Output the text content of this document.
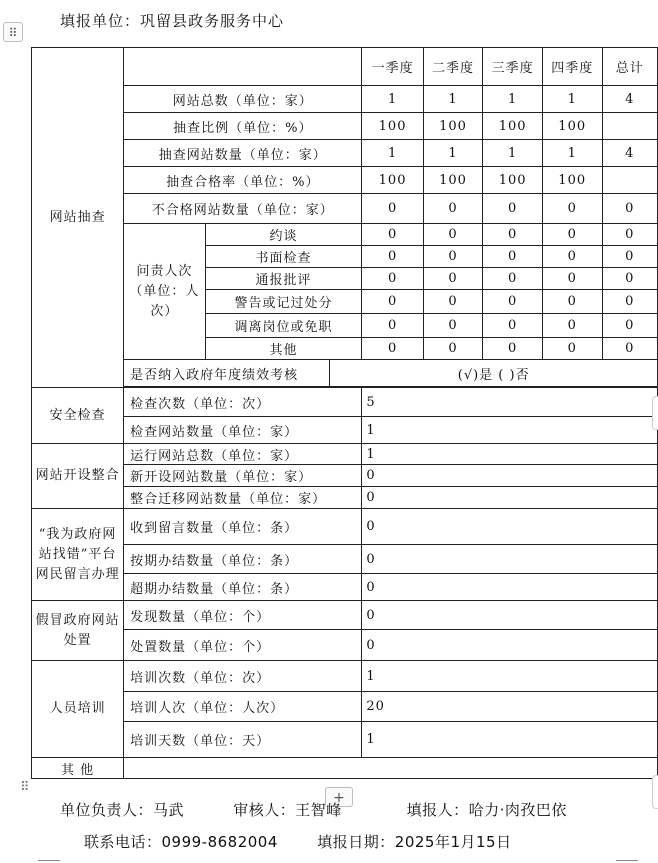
填报单位：巩留县政务服务中心
⠿
网站抽查				一季度	二季度	三季度	四季度	总计
	网站总数（单位：家）			1	1	1	1	4
	抽查比例（单位：%）			100	100	100	100	
	抽查网站数量（单位：家）			1	1	1	1	4
	抽查合格率（单位：%）			100	100	100	100	
	不合格网站数量（单位：家）			0	0	0	0	0
	问责人次（单位：人次）	约谈		0	0	0	0	0
		书面检查		0	0	0	0	0
		通报批评		0	0	0	0	0
		警告或记过处分		0	0	0	0	0
		调离岗位或免职		0	0	0	0	0
		其他		0	0	0	0	0
	是否纳入政府年度绩效考核		(√)是 ( )否					

安全检查	检查次数（单位：次）			5				
	检查网站数量（单位：家）			1				
网站开设整合	运行网站总数（单位：家）			1				
	新开设网站数量（单位：家）			0				
	整合迁移网站数量（单位：家）			0				
“我为政府网站找错”平台网民留言办理	收到留言数量（单位：条）			0				
	按期办结数量（单位：条）			0				
	超期办结数量（单位：条）			0				
假冒政府网站处置	发现数量（单位：个）			0				
	处置数量（单位：个）			0				
人员培训	培训次数（单位：次）			1				
	培训人次（单位：人次）			20				
	培训天数（单位：天）			1				
其 他								
⠿
+
单位负责人：马武	审核人：王智峰	填报人：哈力·肉孜巴依
联系电话：0999-8682004	填报日期：2025年1月15日
